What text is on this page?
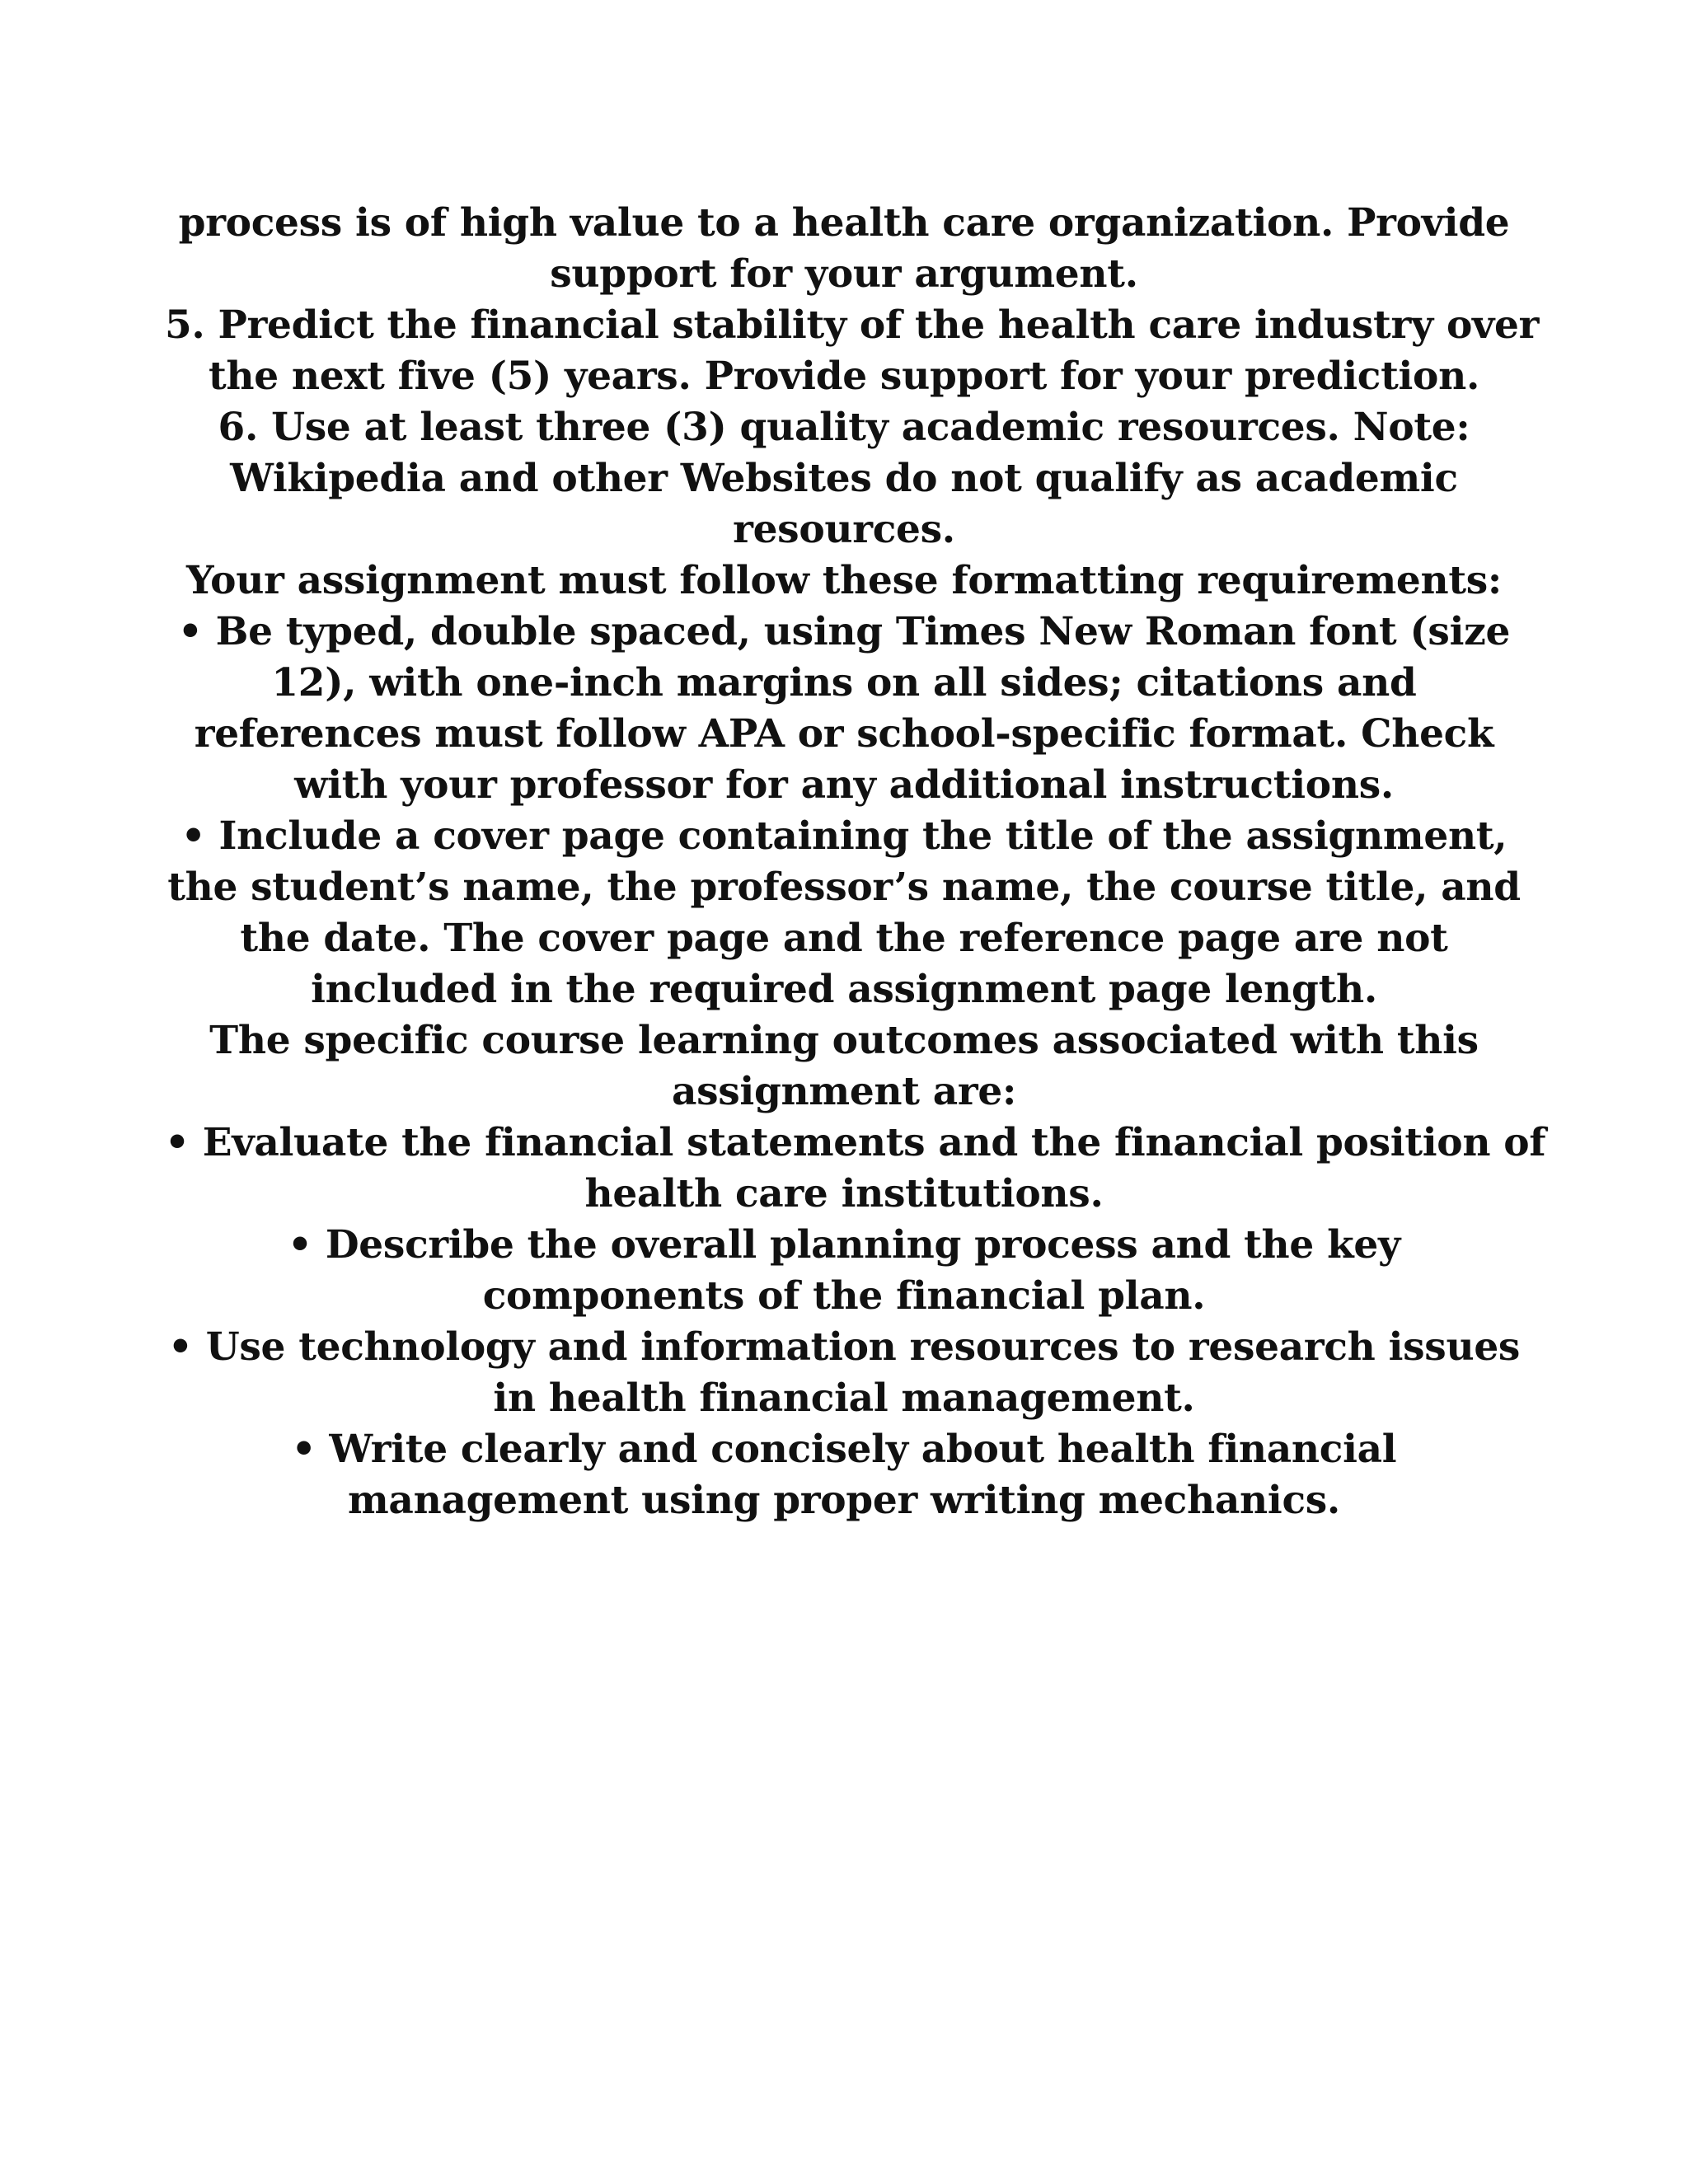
process is of high value to a health care organization. Provide
support for your argument.
5. Predict the financial stability of the health care industry over
the next five (5) years. Provide support for your prediction.
6. Use at least three (3) quality academic resources. Note:
Wikipedia and other Websites do not qualify as academic
resources.
Your assignment must follow these formatting requirements:
• Be typed, double spaced, using Times New Roman font (size
12), with one-inch margins on all sides; citations and
references must follow APA or school-specific format. Check
with your professor for any additional instructions.
• Include a cover page containing the title of the assignment,
the student’s name, the professor’s name, the course title, and
the date. The cover page and the reference page are not
included in the required assignment page length.
The specific course learning outcomes associated with this
assignment are:
• Evaluate the financial statements and the financial position of
health care institutions.
• Describe the overall planning process and the key
components of the financial plan.
• Use technology and information resources to research issues
in health financial management.
• Write clearly and concisely about health financial
management using proper writing mechanics.
